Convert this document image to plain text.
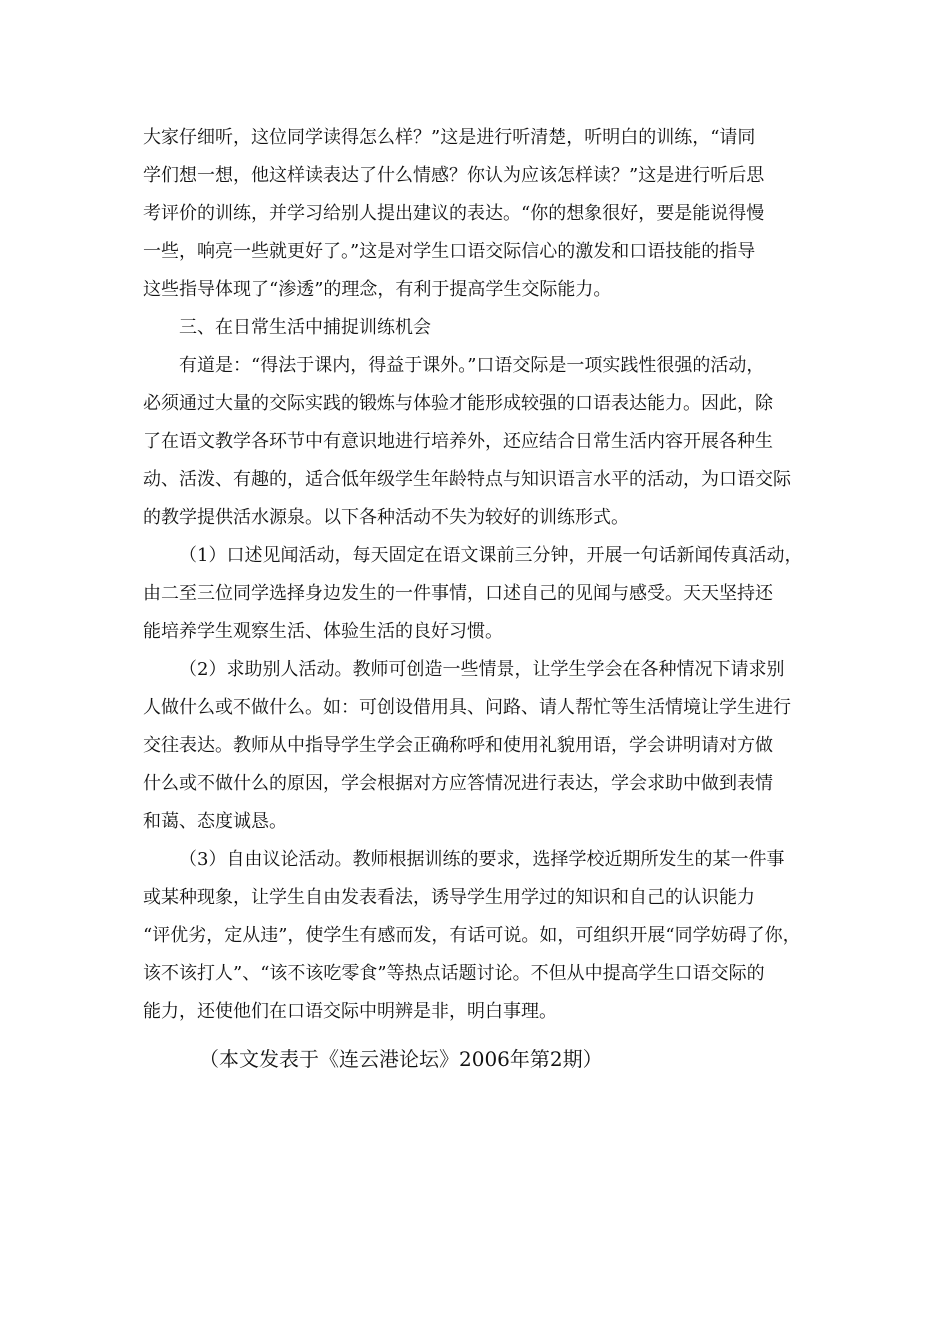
大家仔细听，这位同学读得怎么样？”这是进行听清楚，听明白的训练，“请同
学们想一想，他这样读表达了什么情感？你认为应该怎样读？”这是进行听后思
考评价的训练，并学习给别人提出建议的表达。“你的想象很好，要是能说得慢
一些，响亮一些就更好了。”这是对学生口语交际信心的激发和口语技能的指导
这些指导体现了“渗透”的理念，有利于提高学生交际能力。
三、在日常生活中捕捉训练机会
有道是：“得法于课内，得益于课外。”口语交际是一项实践性很强的活动，
必须通过大量的交际实践的锻炼与体验才能形成较强的口语表达能力。因此，除
了在语文教学各环节中有意识地进行培养外，还应结合日常生活内容开展各种生
动、活泼、有趣的，适合低年级学生年龄特点与知识语言水平的活动，为口语交际
的教学提供活水源泉。以下各种活动不失为较好的训练形式。
（1）口述见闻活动，每天固定在语文课前三分钟，开展一句话新闻传真活动，
由二至三位同学选择身边发生的一件事情，口述自己的见闻与感受。天天坚持还
能培养学生观察生活、体验生活的良好习惯。
（2）求助别人活动。教师可创造一些情景，让学生学会在各种情况下请求别
人做什么或不做什么。如：可创设借用具、问路、请人帮忙等生活情境让学生进行
交往表达。教师从中指导学生学会正确称呼和使用礼貌用语，学会讲明请对方做
什么或不做什么的原因，学会根据对方应答情况进行表达，学会求助中做到表情
和蔼、态度诚恳。
（3）自由议论活动。教师根据训练的要求，选择学校近期所发生的某一件事
或某种现象，让学生自由发表看法，诱导学生用学过的知识和自己的认识能力
“评优劣，定从违”，使学生有感而发，有话可说。如，可组织开展“同学妨碍了你，
该不该打人”、“该不该吃零食”等热点话题讨论。不但从中提高学生口语交际的
能力，还使他们在口语交际中明辨是非，明白事理。
（本文发表于《连云港论坛》2006年第2期）
